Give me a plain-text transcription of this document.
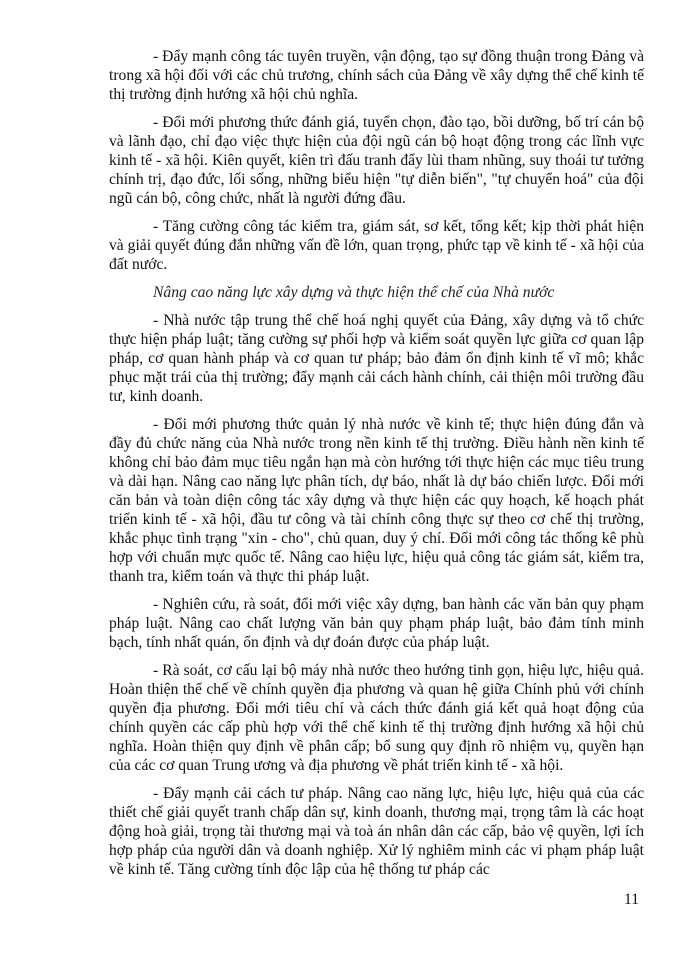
- Đẩy mạnh công tác tuyên truyền, vận động, tạo sự đồng thuận trong Đảng và trong xã hội đối với các chủ trương, chính sách của Đảng về xây dựng thể chế kinh tế thị trường định hướng xã hội chủ nghĩa.

- Đổi mới phương thức đánh giá, tuyển chọn, đào tạo, bồi dưỡng, bố trí cán bộ và lãnh đạo, chỉ đạo việc thực hiện của đội ngũ cán bộ hoạt động trong các lĩnh vực kinh tế - xã hội. Kiên quyết, kiên trì đấu tranh đẩy lùi tham nhũng, suy thoái tư tưởng chính trị, đạo đức, lối sống, những biểu hiện "tự diễn biến", "tự chuyển hoá" của đội ngũ cán bộ, công chức, nhất là người đứng đầu.

- Tăng cường công tác kiểm tra, giám sát, sơ kết, tổng kết; kịp thời phát hiện và giải quyết đúng đắn những vấn đề lớn, quan trọng, phức tạp về kinh tế - xã hội của đất nước.

Nâng cao năng lực xây dựng và thực hiện thể chế của Nhà nước

- Nhà nước tập trung thể chế hoá nghị quyết của Đảng, xây dựng và tổ chức thực hiện pháp luật; tăng cường sự phối hợp và kiểm soát quyền lực giữa cơ quan lập pháp, cơ quan hành pháp và cơ quan tư pháp; bảo đảm ổn định kinh tế vĩ mô; khắc phục mặt trái của thị trường; đẩy mạnh cải cách hành chính, cải thiện môi trường đầu tư, kinh doanh.

- Đổi mới phương thức quản lý nhà nước về kinh tế; thực hiện đúng đắn và đầy đủ chức năng của Nhà nước trong nền kinh tế thị trường. Điều hành nền kinh tế không chỉ bảo đảm mục tiêu ngắn hạn mà còn hướng tới thực hiện các mục tiêu trung và dài hạn. Nâng cao năng lực phân tích, dự báo, nhất là dự báo chiến lược. Đổi mới căn bản và toàn diện công tác xây dựng và thực hiện các quy hoạch, kế hoạch phát triển kinh tế - xã hội, đầu tư công và tài chính công thực sự theo cơ chế thị trường, khắc phục tình trạng "xin - cho", chủ quan, duy ý chí. Đổi mới công tác thống kê phù hợp với chuẩn mực quốc tế. Nâng cao hiệu lực, hiệu quả công tác giám sát, kiểm tra, thanh tra, kiểm toán và thực thi pháp luật.

- Nghiên cứu, rà soát, đổi mới việc xây dựng, ban hành các văn bản quy phạm pháp luật. Nâng cao chất lượng văn bản quy phạm pháp luật, bảo đảm tính minh bạch, tính nhất quán, ổn định và dự đoán được của pháp luật.

- Rà soát, cơ cấu lại bộ máy nhà nước theo hướng tinh gọn, hiệu lực, hiệu quả. Hoàn thiện thể chế về chính quyền địa phương và quan hệ giữa Chính phủ với chính quyền địa phương. Đổi mới tiêu chí và cách thức đánh giá kết quả hoạt động của chính quyền các cấp phù hợp với thể chế kinh tế thị trường định hướng xã hội chủ nghĩa. Hoàn thiện quy định về phân cấp; bổ sung quy định rõ nhiệm vụ, quyền hạn của các cơ quan Trung ương và địa phương về phát triển kinh tế - xã hội.

- Đẩy mạnh cải cách tư pháp. Nâng cao năng lực, hiệu lực, hiệu quả của các thiết chế giải quyết tranh chấp dân sự, kinh doanh, thương mại, trọng tâm là các hoạt động hoà giải, trọng tài thương mại và toà án nhân dân các cấp, bảo vệ quyền, lợi ích hợp pháp của người dân và doanh nghiệp. Xử lý nghiêm minh các vi phạm pháp luật về kinh tế. Tăng cường tính độc lập của hệ thống tư pháp các

11
